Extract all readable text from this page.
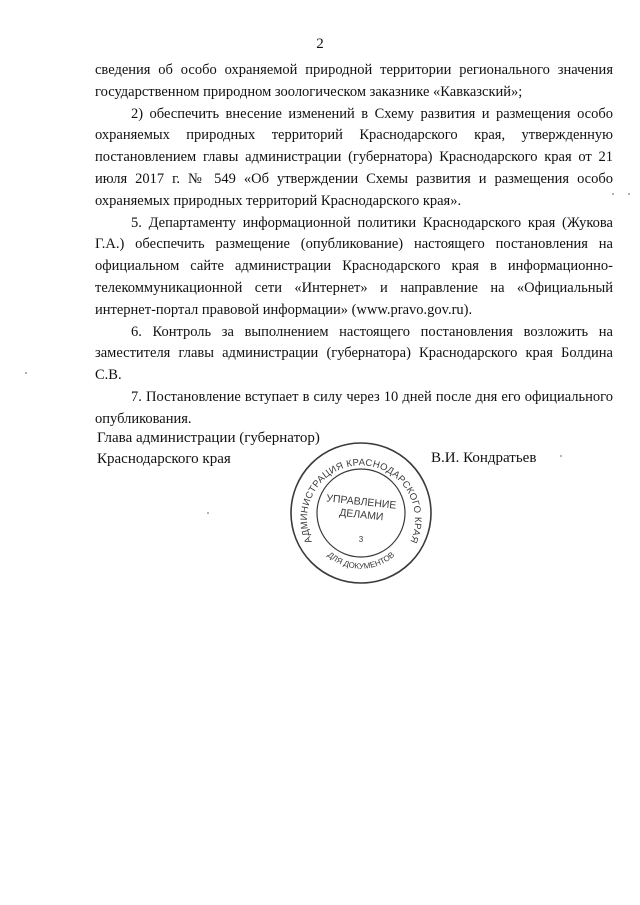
2

сведения об особо охраняемой природной территории регионального значения государственном природном зоологическом заказнике «Кавказский»;

2) обеспечить внесение изменений в Схему развития и размещения особо охраняемых природных территорий Краснодарского края, утвержденную постановлением главы администрации (губернатора) Краснодарского края от 21 июля 2017 г. № 549 «Об утверждении Схемы развития и размещения особо охраняемых природных территорий Краснодарского края».

5. Департаменту информационной политики Краснодарского края (Жукова Г.А.) обеспечить размещение (опубликование) настоящего постановления на официальном сайте администрации Краснодарского края в информационно-телекоммуникационной сети «Интернет» и направление на «Официальный интернет-портал правовой информации» (www.pravo.gov.ru).

6. Контроль за выполнением настоящего постановления возложить на заместителя главы администрации (губернатора) Краснодарского края Болдина С.В.

7. Постановление вступает в силу через 10 дней после дня его официального опубликования.

Глава администрации (губернатор)
Краснодарского края	В.И. Кондратьев
АДМИНИСТРАЦИЯ КРАСНОДАРСКОГО КРАЯ
ДЛЯ ДОКУМЕНТОВ
УПРАВЛЕНИЕ
ДЕЛАМИ
3
